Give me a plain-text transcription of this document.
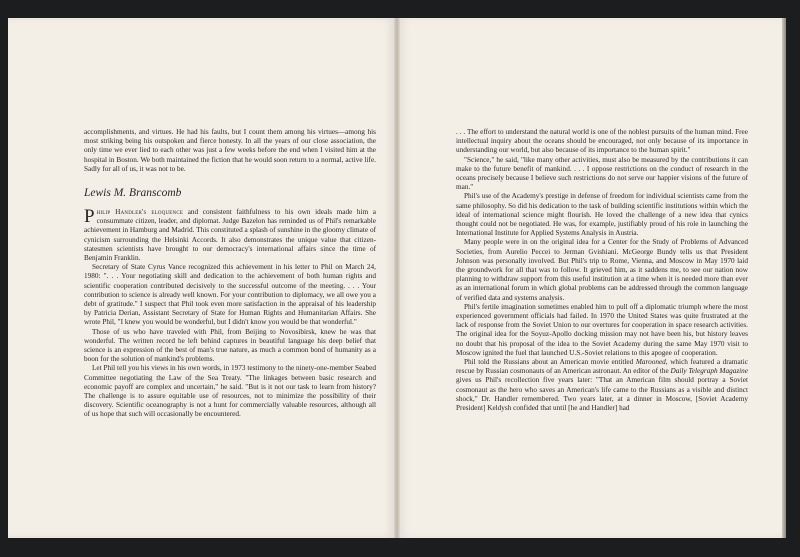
accomplishments, and virtues. He had his faults, but I count them among his virtues—among his most striking being his outspoken and fierce honesty. In all the years of our close association, the only time we ever lied to each other was just a few weeks before the end when I visited him at the hospital in Boston. We both maintained the fiction that he would soon return to a normal, active life. Sadly for all of us, it was not to be.

Lewis M. Branscomb

Philip Handler's eloquence and consistent faithfulness to his own ideals made him a consummate citizen, leader, and diplomat. Judge Bazelon has reminded us of Phil's remarkable achievement in Hamburg and Madrid. This constituted a splash of sunshine in the gloomy climate of cynicism surrounding the Helsinki Accords. It also demonstrates the unique value that citizen-statesmen scientists have brought to our democracy's international affairs since the time of Benjamin Franklin.

Secretary of State Cyrus Vance recognized this achievement in his letter to Phil on March 24, 1980: ". . . Your negotiating skill and dedication to the achievement of both human rights and scientific cooperation contributed decisively to the successful outcome of the meeting. . . . Your contribution to science is already well known. For your contribution to diplomacy, we all owe you a debt of gratitude." I suspect that Phil took even more satisfaction in the appraisal of his leadership by Patricia Derian, Assistant Secretary of State for Human Rights and Humanitarian Affairs. She wrote Phil, "I knew you would be wonderful, but I didn't know you would be that wonderful."

Those of us who have traveled with Phil, from Beijing to Novosibirsk, knew he was that wonderful. The written record he left behind captures in beautiful language his deep belief that science is an expression of the best of man's true nature, as much a common bond of humanity as a boon for the solution of mankind's problems.

Let Phil tell you his views in his own words, in 1973 testimony to the ninety-one-member Seabed Committee negotiating the Law of the Sea Treaty. "The linkages between basic research and economic payoff are complex and uncertain," he said. "But is it not our task to learn from history? The challenge is to assure equitable use of resources, not to minimize the possibility of their discovery. Scientific oceanography is not a hunt for commercially valuable resources, although all of us hope that such will occasionally be encountered.

. . . The effort to understand the natural world is one of the noblest pursuits of the human mind. Free intellectual inquiry about the oceans should be encouraged, not only because of its importance in understanding our world, but also because of its importance to the human spirit."

"Science," he said, "like many other activities, must also be measured by the contributions it can make to the future benefit of mankind. . . . I oppose restrictions on the conduct of research in the oceans precisely because I believe such restrictions do not serve our happier visions of the future of man."

Phil's use of the Academy's prestige in defense of freedom for individual scientists came from the same philosophy. So did his dedication to the task of building scientific institutions within which the ideal of international science might flourish. He loved the challenge of a new idea that cynics thought could not be negotiated. He was, for example, justifiably proud of his role in launching the International Institute for Applied Systems Analysis in Austria.

Many people were in on the original idea for a Center for the Study of Problems of Advanced Societies, from Aurelio Peccei to Jerman Gvishiani. McGeorge Bundy tells us that President Johnson was personally involved. But Phil's trip to Rome, Vienna, and Moscow in May 1970 laid the groundwork for all that was to follow. It grieved him, as it saddens me, to see our nation now planning to withdraw support from this useful institution at a time when it is needed more than ever as an international forum in which global problems can be addressed through the common language of verified data and systems analysis.

Phil's fertile imagination sometimes enabled him to pull off a diplomatic triumph where the most experienced government officials had failed. In 1970 the United States was quite frustrated at the lack of response from the Soviet Union to our overtures for cooperation in space research activities. The original idea for the Soyuz-Apollo docking mission may not have been his, but history leaves no doubt that his proposal of the idea to the Soviet Academy during the same May 1970 visit to Moscow ignited the fuel that launched U.S.-Soviet relations to this apogee of cooperation.

Phil told the Russians about an American movie entitled Marooned, which featured a dramatic rescue by Russian cosmonauts of an American astronaut. An editor of the Daily Telegraph Magazine gives us Phil's recollection five years later: "That an American film should portray a Soviet cosmonaut as the hero who saves an American's life came to the Russians as a visible and distinct shock," Dr. Handler remembered. Two years later, at a dinner in Moscow, [Soviet Academy President] Keldysh confided that until [he and Handler] had
